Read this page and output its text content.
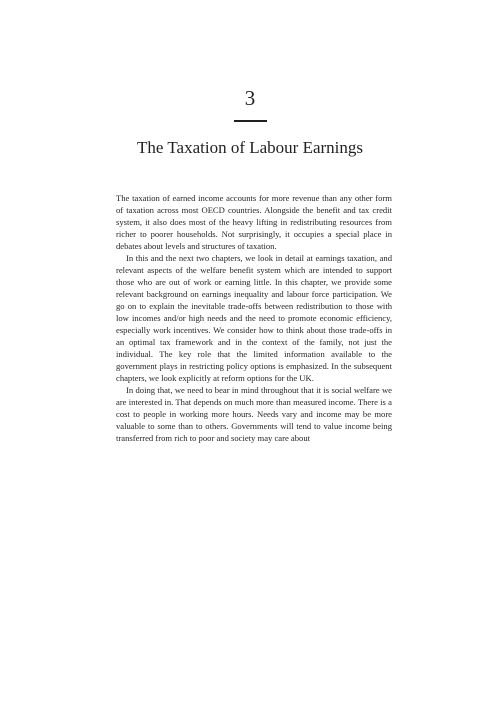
3
The Taxation of Labour Earnings

The taxation of earned income accounts for more revenue than any other form of taxation across most OECD countries. Alongside the benefit and tax credit system, it also does most of the heavy lifting in redistributing resources from richer to poorer households. Not surprisingly, it occupies a special place in debates about levels and structures of taxation.

In this and the next two chapters, we look in detail at earnings taxation, and relevant aspects of the welfare benefit system which are intended to support those who are out of work or earning little. In this chapter, we provide some relevant background on earnings inequality and labour force participation. We go on to explain the inevitable trade-offs between redistribution to those with low incomes and/or high needs and the need to promote economic efficiency, especially work incentives. We consider how to think about those trade-offs in an optimal tax framework and in the context of the family, not just the individual. The key role that the limited information available to the government plays in restricting policy options is emphasized. In the subsequent chapters, we look explicitly at reform options for the UK.

In doing that, we need to bear in mind throughout that it is social welfare we are interested in. That depends on much more than measured income. There is a cost to people in working more hours. Needs vary and income may be more valuable to some than to others. Governments will tend to value income being transferred from rich to poor and society may care about
